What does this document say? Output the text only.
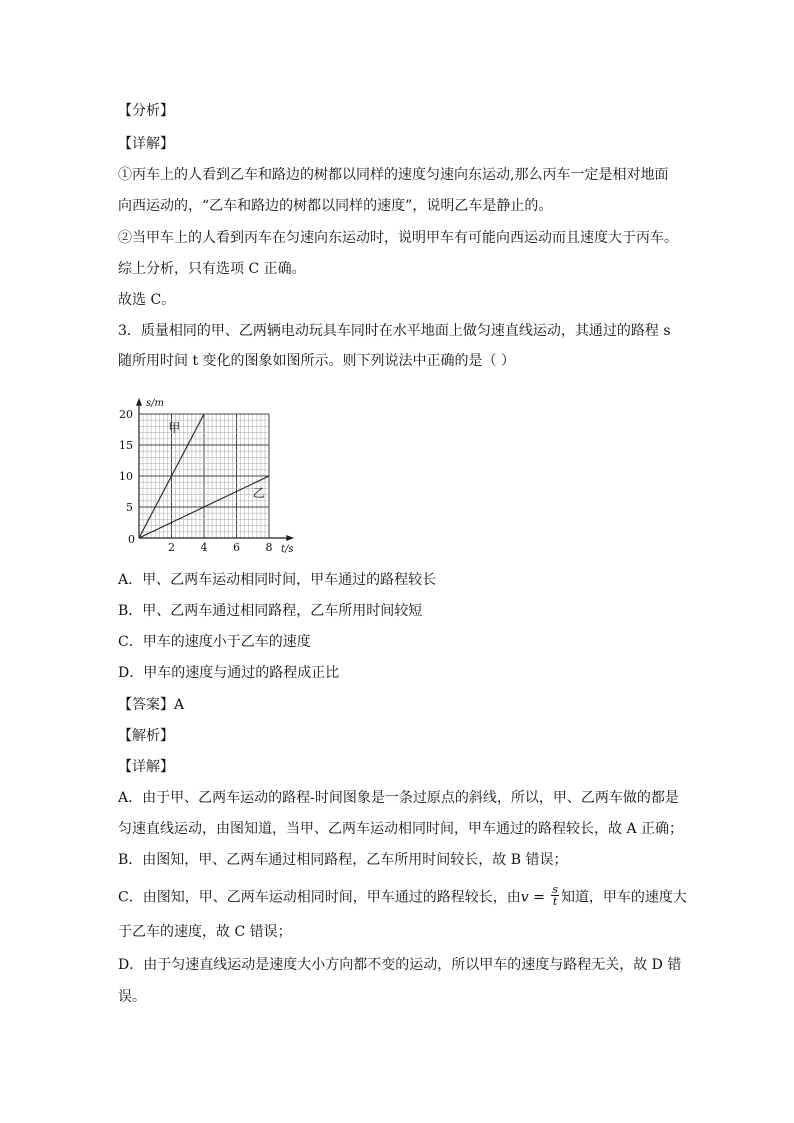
【分析】
【详解】
①丙车上的人看到乙车和路边的树都以同样的速度匀速向东运动,那么丙车一定是相对地面
向西运动的，“乙车和路边的树都以同样的速度”，说明乙车是静止的。
②当甲车上的人看到丙车在匀速向东运动时，说明甲车有可能向西运动而且速度大于丙车。
综上分析，只有选项 C 正确。
故选 C。
3．质量相同的甲、乙两辆电动玩具车同时在水平地面上做匀速直线运动，其通过的路程 s
随所用时间 t 变化的图象如图所示。则下列说法中正确的是（ ）
2 4 6 8
5
10
15
20
0
t/s
s/m
甲
乙
A．甲、乙两车运动相同时间，甲车通过的路程较长
B．甲、乙两车通过相同路程，乙车所用时间较短
C．甲车的速度小于乙车的速度
D．甲车的速度与通过的路程成正比
【答案】A
【解析】
【详解】
A．由于甲、乙两车运动的路程-时间图象是一条过原点的斜线，所以，甲、乙两车做的都是
匀速直线运动，由图知道，当甲、乙两车运动相同时间，甲车通过的路程较长，故 A 正确；
B．由图知，甲、乙两车通过相同路程，乙车所用时间较长，故 B 错误；
C．由图知，甲、乙两车运动相同时间，甲车通过的路程较长，由$v = \frac{s}{t}$ 知道，甲车的速度大
于乙车的速度，故 C 错误；
D．由于匀速直线运动是速度大小方向都不变的运动，所以甲车的速度与路程无关，故 D 错
误。
